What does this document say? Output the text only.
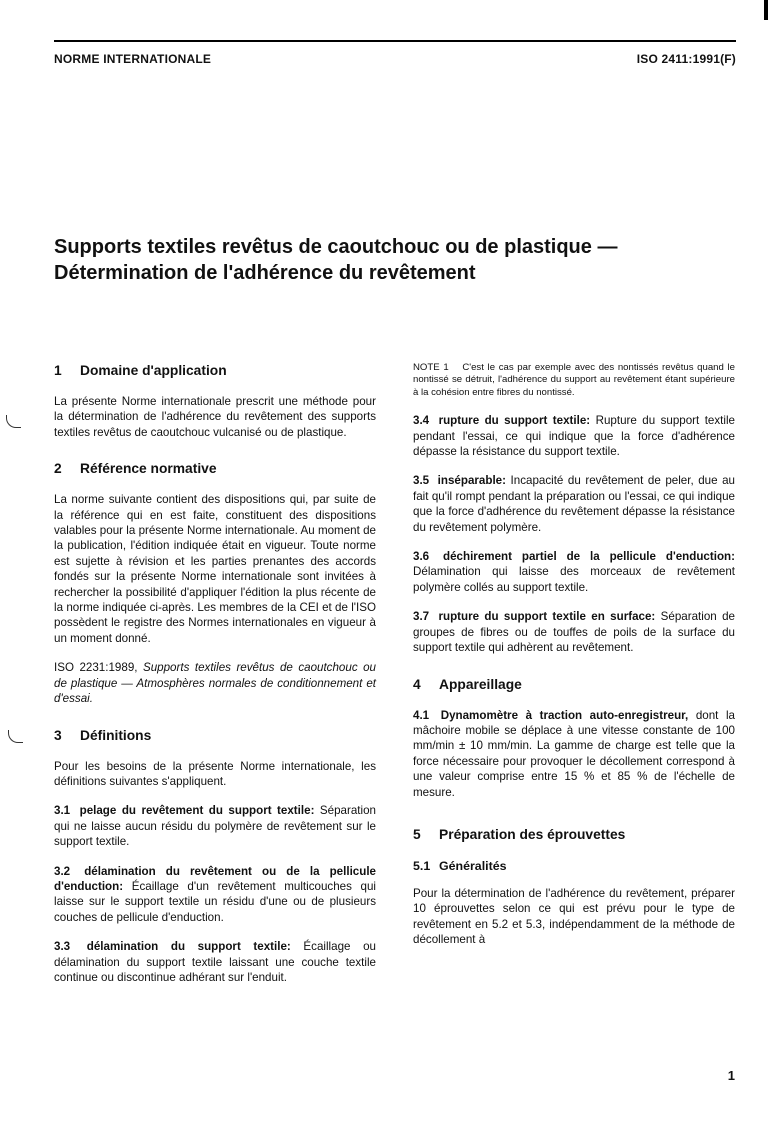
NORME INTERNATIONALE	ISO 2411:1991(F)
Supports textiles revêtus de caoutchouc ou de plastique —
Détermination de l'adhérence du revêtement
1 Domaine d'application

La présente Norme internationale prescrit une méthode pour la détermination de l'adhérence du revêtement des supports textiles revêtus de caoutchouc vulcanisé ou de plastique.

2 Référence normative

La norme suivante contient des dispositions qui, par suite de la référence qui en est faite, constituent des dispositions valables pour la présente Norme internationale. Au moment de la publication, l'édition indiquée était en vigueur. Toute norme est sujette à révision et les parties prenantes des accords fondés sur la présente Norme internationale sont invitées à rechercher la possibilité d'appliquer l'édition la plus récente de la norme indiquée ci-après. Les membres de la CEI et de l'ISO possèdent le registre des Normes internationales en vigueur à un moment donné.

ISO 2231:1989, Supports textiles revêtus de caoutchouc ou de plastique — Atmosphères normales de conditionnement et d'essai.

3 Définitions

Pour les besoins de la présente Norme internationale, les définitions suivantes s'appliquent.

3.1 pelage du revêtement du support textile: Séparation qui ne laisse aucun résidu du polymère de revêtement sur le support textile.

3.2 délamination du revêtement ou de la pellicule d'enduction: Écaillage d'un revêtement multicouches qui laisse sur le support textile un résidu d'une ou de plusieurs couches de pellicule d'enduction.

3.3 délamination du support textile: Écaillage ou délamination du support textile laissant une couche textile continue ou discontinue adhérant sur l'enduit.

NOTE 1 C'est le cas par exemple avec des nontissés revêtus quand le nontissé se détruit, l'adhérence du support au revêtement étant supérieure à la cohésion entre fibres du nontissé.

3.4 rupture du support textile: Rupture du support textile pendant l'essai, ce qui indique que la force d'adhérence dépasse la résistance du support textile.

3.5 inséparable: Incapacité du revêtement de peler, due au fait qu'il rompt pendant la préparation ou l'essai, ce qui indique que la force d'adhérence du revêtement dépasse la résistance du revêtement polymère.

3.6 déchirement partiel de la pellicule d'enduction: Délamination qui laisse des morceaux de revêtement polymère collés au support textile.

3.7 rupture du support textile en surface: Séparation de groupes de fibres ou de touffes de poils de la surface du support textile qui adhèrent au revêtement.

4 Appareillage

4.1 Dynamomètre à traction auto-enregistreur, dont la mâchoire mobile se déplace à une vitesse constante de 100 mm/min ± 10 mm/min. La gamme de charge est telle que la force nécessaire pour provoquer le décollement correspond à une valeur comprise entre 15 % et 85 % de l'échelle de mesure.

5 Préparation des éprouvettes
5.1 Généralités

Pour la détermination de l'adhérence du revêtement, préparer 10 éprouvettes selon ce qui est prévu pour le type de revêtement en 5.2 et 5.3, indépendamment de la méthode de décollement à

1
